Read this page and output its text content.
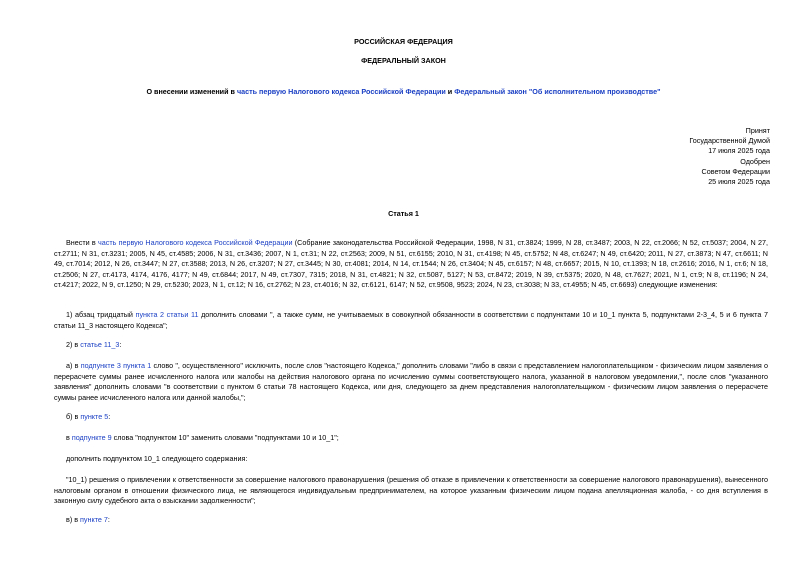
РОССИЙСКАЯ ФЕДЕРАЦИЯ
ФЕДЕРАЛЬНЫЙ ЗАКОН
О внесении изменений в часть первую Налогового кодекса Российской Федерации и Федеральный закон "Об исполнительном производстве"
Принят
Государственной Думой
17 июля 2025 года
Одобрен
Советом Федерации
25 июля 2025 года
Статья 1
Внести в часть первую Налогового кодекса Российской Федерации (Собрание законодательства Российской Федерации, 1998, N 31, ст.3824; 1999, N 28, ст.3487; 2003, N 22, ст.2066; N 52, ст.5037; 2004, N 27, ст.2711; N 31, ст.3231; 2005, N 45, ст.4585; 2006, N 31, ст.3436; 2007, N 1, ст.31; N 22, ст.2563; 2009, N 51, ст.6155; 2010, N 31, ст.4198; N 45, ст.5752; N 48, ст.6247; N 49, ст.6420; 2011, N 27, ст.3873; N 47, ст.6611; N 49, ст.7014; 2012, N 26, ст.3447; N 27, ст.3588; 2013, N 26, ст.3207; N 27, ст.3445; N 30, ст.4081; 2014, N 14, ст.1544; N 26, ст.3404; N 45, ст.6157; N 48, ст.6657; 2015, N 10, ст.1393; N 18, ст.2616; 2016, N 1, ст.6; N 18, ст.2506; N 27, ст.4173, 4174, 4176, 4177; N 49, ст.6844; 2017, N 49, ст.7307, 7315; 2018, N 31, ст.4821; N 32, ст.5087, 5127; N 53, ст.8472; 2019, N 39, ст.5375; 2020, N 48, ст.7627; 2021, N 1, ст.9; N 8, ст.1196; N 24, ст.4217; 2022, N 9, ст.1250; N 29, ст.5230; 2023, N 1, ст.12; N 16, ст.2762; N 23, ст.4016; N 32, ст.6121, 6147; N 52, ст.9508, 9523; 2024, N 23, ст.3038; N 33, ст.4955; N 45, ст.6693) следующие изменения:
1) абзац тридцатый пункта 2 статьи 11 дополнить словами ", а также сумм, не учитываемых в совокупной обязанности в соответствии с подпунктами 10 и 10_1 пункта 5, подпунктами 2-3_4, 5 и 6 пункта 7 статьи 11_3 настоящего Кодекса";
2) в статье 11_3:
а) в подпункте 3 пункта 1 слово ", осуществленного" исключить, после слов "настоящего Кодекса," дополнить словами "либо в связи с представлением налогоплательщиком - физическим лицом заявления о перерасчете суммы ранее исчисленного налога или жалобы на действия налогового органа по исчислению суммы соответствующего налога, указанной в налоговом уведомлении,", после слов "указанного заявления" дополнить словами "в соответствии с пунктом 6 статьи 78 настоящего Кодекса, или дня, следующего за днем представления налогоплательщиком - физическим лицом заявления о перерасчете суммы ранее исчисленного налога или данной жалобы,";
б) в пункте 5:
в подпункте 9 слова "подпунктом 10" заменить словами "подпунктами 10 и 10_1";
дополнить подпунктом 10_1 следующего содержания:
"10_1) решения о привлечении к ответственности за совершение налогового правонарушения (решения об отказе в привлечении к ответственности за совершение налогового правонарушения), вынесенного налоговым органом в отношении физического лица, не являющегося индивидуальным предпринимателем, на которое указанным физическим лицом подана апелляционная жалоба, - со дня вступления в законную силу судебного акта о взыскании задолженности";
в) в пункте 7:
